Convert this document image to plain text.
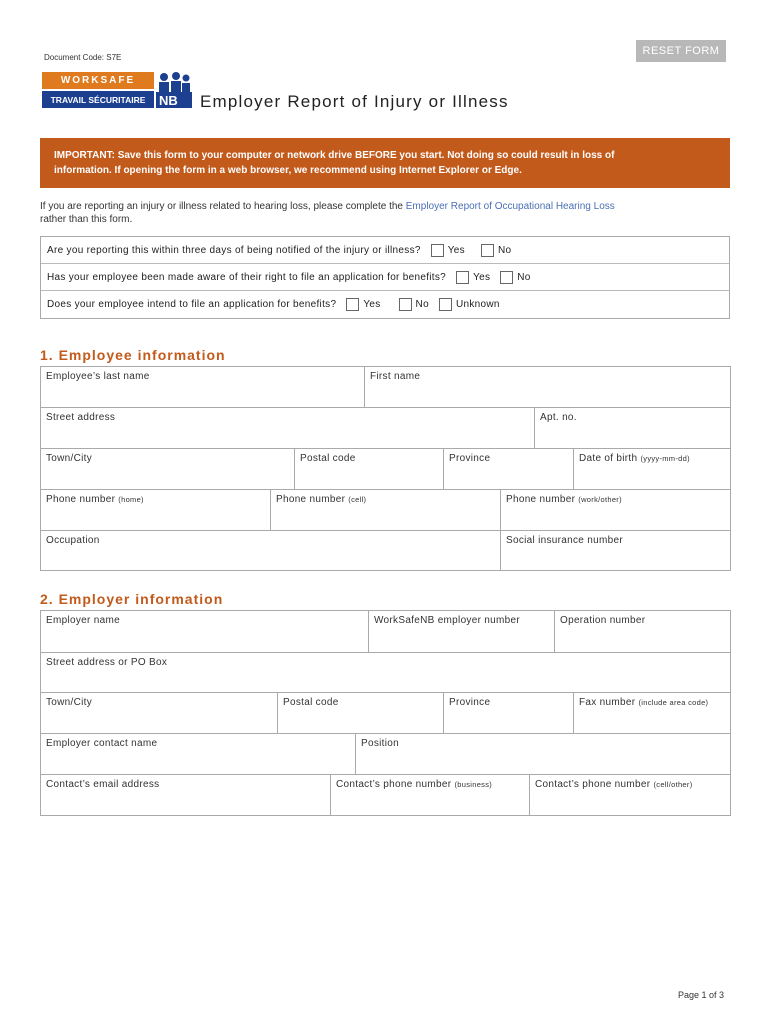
Document Code: S7E
RESET FORM
WORKSAFE
TRAVAIL SÉCURITAIRE	NB Employer Report of Injury or Illness
IMPORTANT: Save this form to your computer or network drive BEFORE you start. Not doing so could result in loss of
information. If opening the form in a web browser, we recommend using Internet Explorer or Edge.
If you are reporting an injury or illness related to hearing loss, please complete the Employer Report of Occupational Hearing Loss
rather than this form.
Are you reporting this within three days of being notified of the injury or illness?	Yes	No
Has your employee been made aware of their right to file an application for benefits?	Yes	No
Does your employee intend to file an application for benefits?	Yes	No	Unknown
1. Employee information
Employee’s last name	First name
Street address	Apt. no.
Town/City	Postal code	Province	Date of birth (yyyy-mm-dd)
Phone number (home)	Phone number (cell)	Phone number (work/other)
Occupation	Social insurance number
2. Employer information
Employer name	WorkSafeNB employer number	Operation number
Street address or PO Box
Town/City	Postal code	Province	Fax number (include area code)
Employer contact name	Position
Contact’s email address	Contact’s phone number (business)	Contact’s phone number (cell/other)
Page 1 of 3
